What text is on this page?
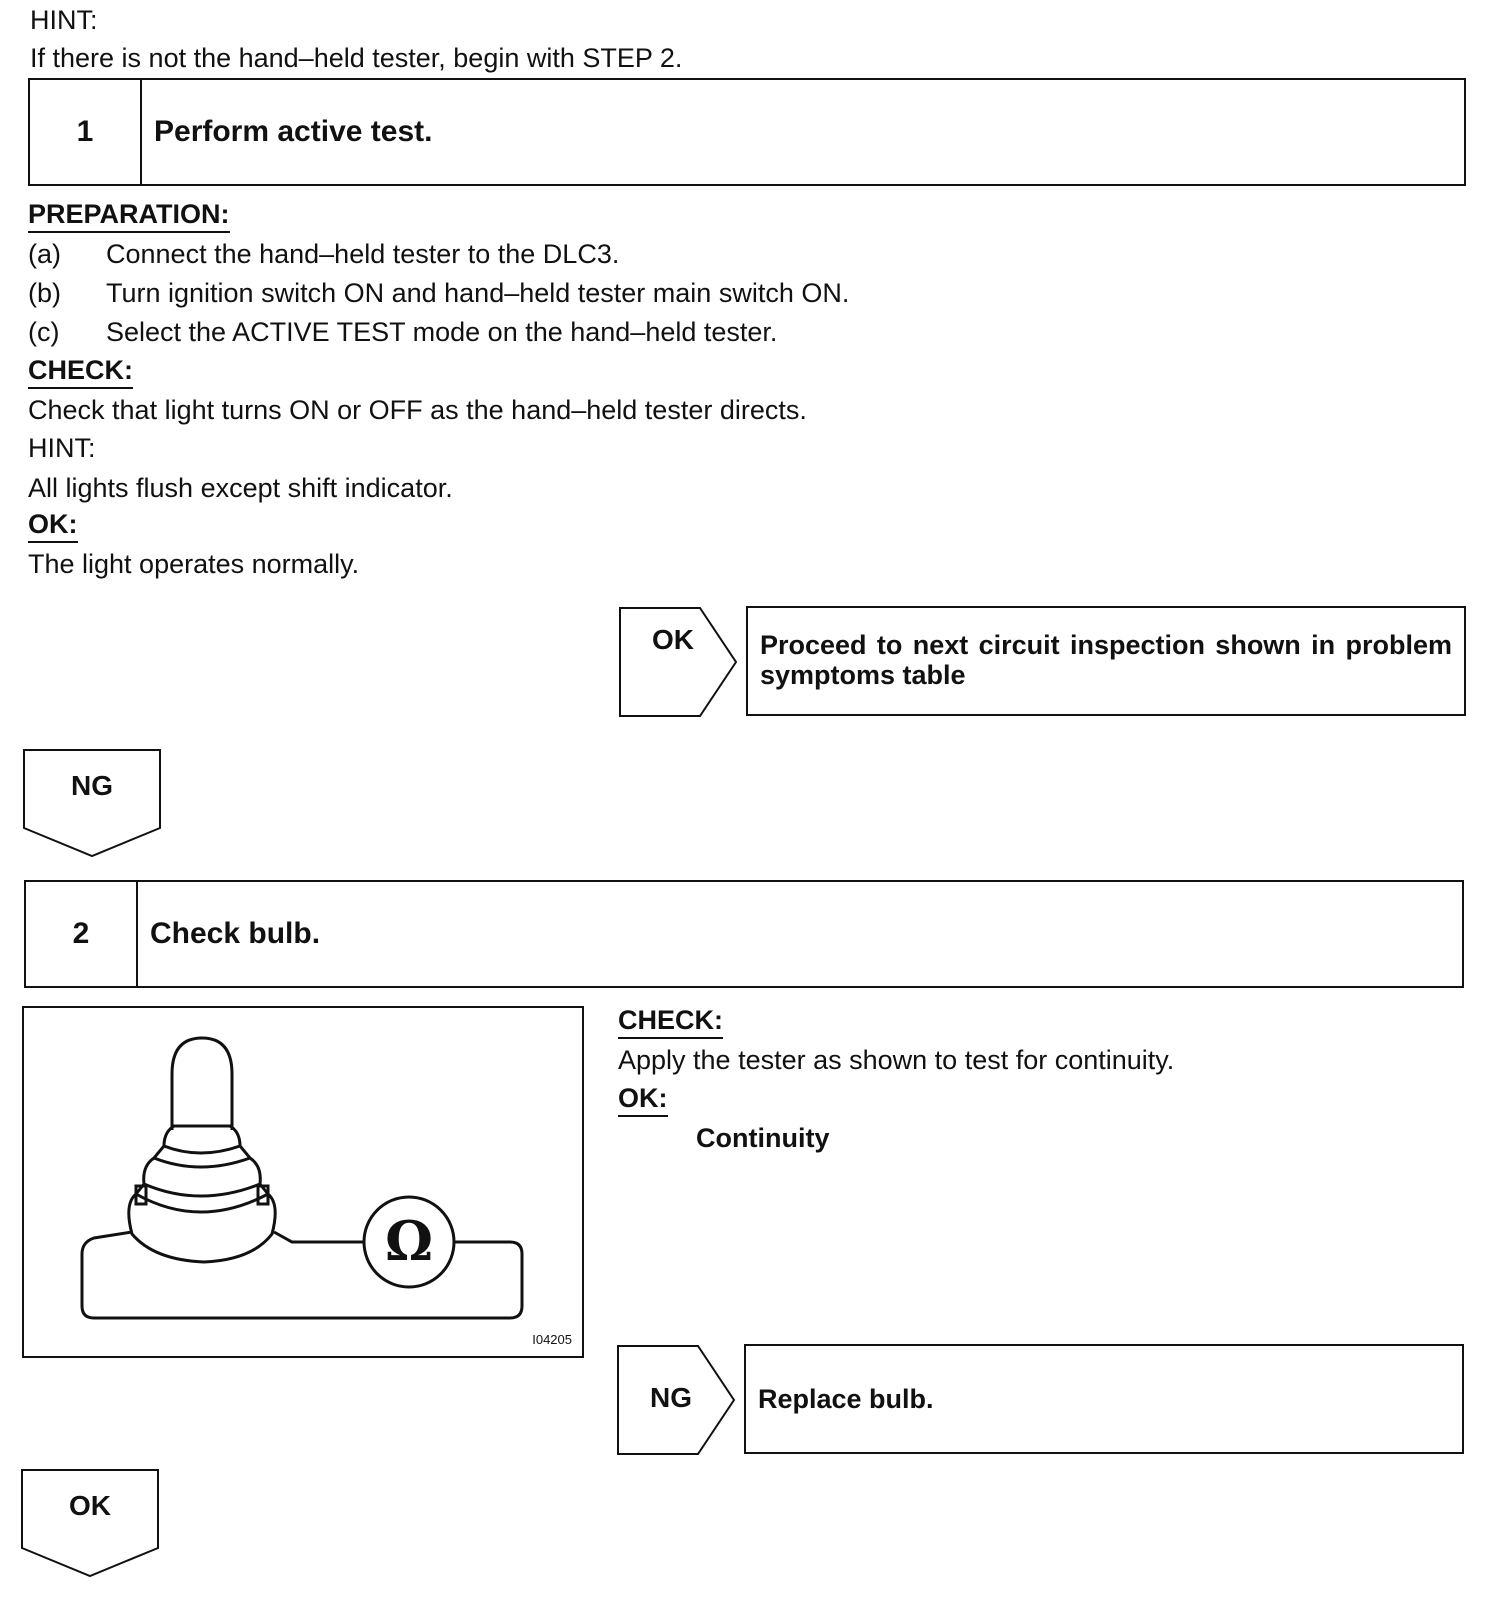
HINT:
If there is not the hand–held tester, begin with STEP 2.
1	Perform active test.
PREPARATION:
(a) Connect the hand–held tester to the DLC3.
(b) Turn ignition switch ON and hand–held tester main switch ON.
(c) Select the ACTIVE TEST mode on the hand–held tester.
CHECK:
Check that light turns ON or OFF as the hand–held tester directs.
HINT:
All lights flush except shift indicator.
OK:
The light operates normally.
OK	Proceed to next circuit inspection shown in problem symptoms table
NG
2	Check bulb.
Ω
I04205
CHECK:
Apply the tester as shown to test for continuity.
OK:
Continuity
NG	Replace bulb.
OK
